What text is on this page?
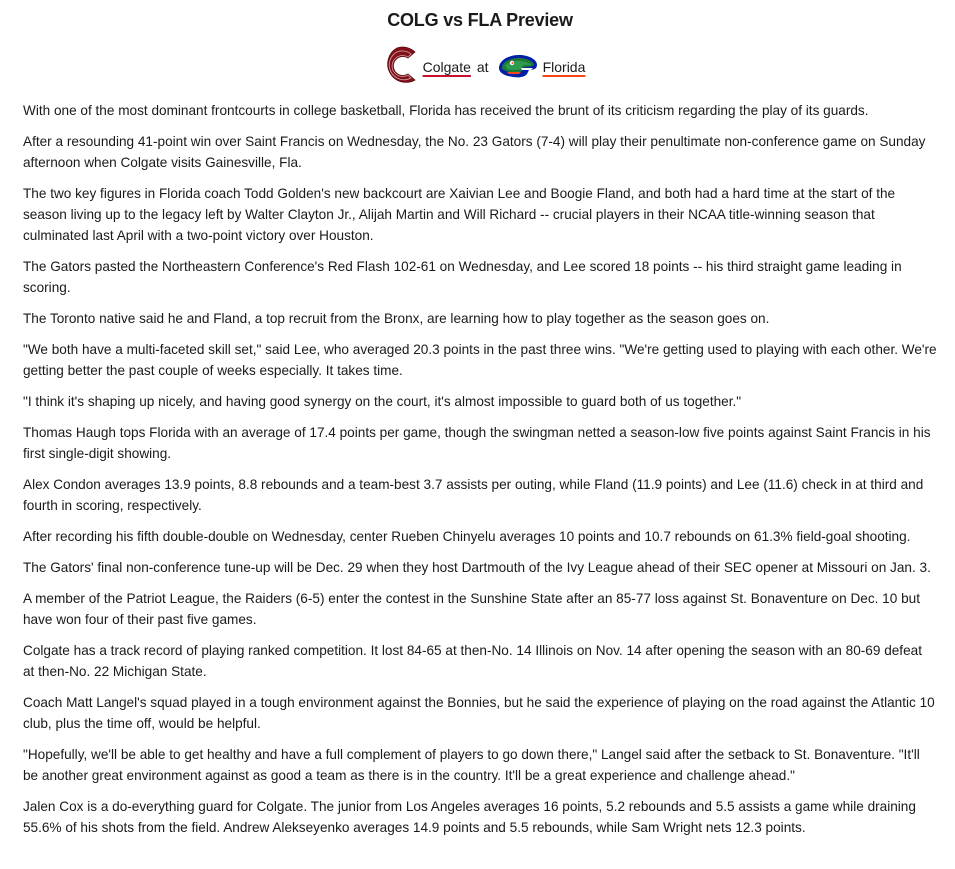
COLG vs FLA Preview
Colgate at	Florida

With one of the most dominant frontcourts in college basketball, Florida has received the brunt of its criticism regarding the play of its guards.

After a resounding 41-point win over Saint Francis on Wednesday, the No. 23 Gators (7-4) will play their penultimate non-conference game on Sunday afternoon when Colgate visits Gainesville, Fla.

The two key figures in Florida coach Todd Golden's new backcourt are Xaivian Lee and Boogie Fland, and both had a hard time at the start of the season living up to the legacy left by Walter Clayton Jr., Alijah Martin and Will Richard -- crucial players in their NCAA title-winning season that culminated last April with a two-point victory over Houston.

The Gators pasted the Northeastern Conference's Red Flash 102-61 on Wednesday, and Lee scored 18 points -- his third straight game leading in scoring.

The Toronto native said he and Fland, a top recruit from the Bronx, are learning how to play together as the season goes on.

"We both have a multi-faceted skill set," said Lee, who averaged 20.3 points in the past three wins. "We're getting used to playing with each other. We're getting better the past couple of weeks especially. It takes time.

"I think it's shaping up nicely, and having good synergy on the court, it's almost impossible to guard both of us together."

Thomas Haugh tops Florida with an average of 17.4 points per game, though the swingman netted a season-low five points against Saint Francis in his first single-digit showing.

Alex Condon averages 13.9 points, 8.8 rebounds and a team-best 3.7 assists per outing, while Fland (11.9 points) and Lee (11.6) check in at third and fourth in scoring, respectively.

After recording his fifth double-double on Wednesday, center Rueben Chinyelu averages 10 points and 10.7 rebounds on 61.3% field-goal shooting.

The Gators' final non-conference tune-up will be Dec. 29 when they host Dartmouth of the Ivy League ahead of their SEC opener at Missouri on Jan. 3.

A member of the Patriot League, the Raiders (6-5) enter the contest in the Sunshine State after an 85-77 loss against St. Bonaventure on Dec. 10 but have won four of their past five games.

Colgate has a track record of playing ranked competition. It lost 84-65 at then-No. 14 Illinois on Nov. 14 after opening the season with an 80-69 defeat at then-No. 22 Michigan State.

Coach Matt Langel's squad played in a tough environment against the Bonnies, but he said the experience of playing on the road against the Atlantic 10 club, plus the time off, would be helpful.

"Hopefully, we'll be able to get healthy and have a full complement of players to go down there," Langel said after the setback to St. Bonaventure. "It'll be another great environment against as good a team as there is in the country. It'll be a great experience and challenge ahead."

Jalen Cox is a do-everything guard for Colgate. The junior from Los Angeles averages 16 points, 5.2 rebounds and 5.5 assists a game while draining 55.6% of his shots from the field. Andrew Alekseyenko averages 14.9 points and 5.5 rebounds, while Sam Wright nets 12.3 points.
